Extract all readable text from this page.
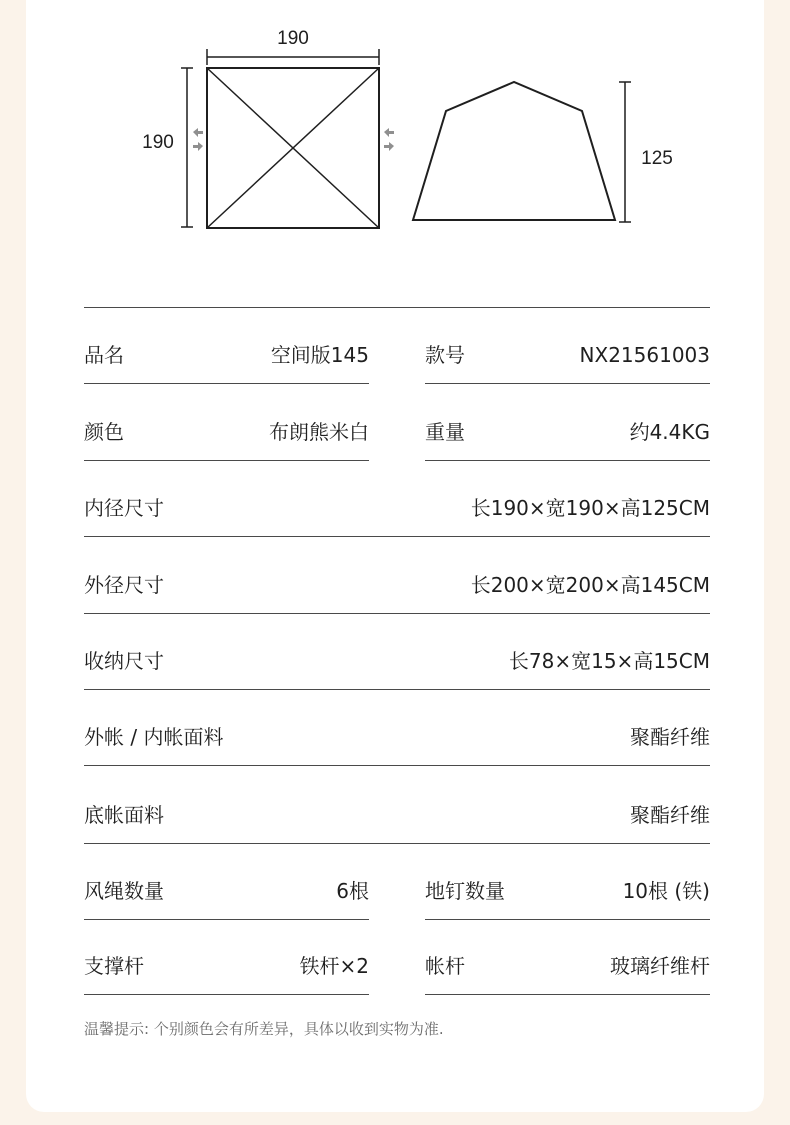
190
190
125
品名	空间版145	款号	NX21561003
颜色	布朗熊米白	重量	约4.4KG
内径尺寸	长190×宽190×高125CM
外径尺寸	长200×宽200×高145CM
收纳尺寸	长78×宽15×高15CM
外帐 / 内帐面料	聚酯纤维
底帐面料	聚酯纤维
风绳数量	6根	地钉数量	10根 (铁)
支撑杆	铁杆×2	帐杆	玻璃纤维杆
温馨提示: 个别颜色会有所差异，具体以收到实物为准.
